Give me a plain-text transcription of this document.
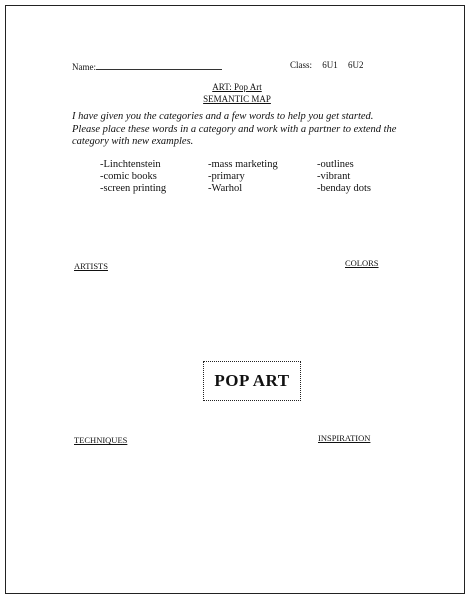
Name:	Class: 6U1 6U2
ART: Pop Art
SEMANTIC MAP
I have given you the categories and a few words to help you get started. Please place these words in a category and work with a partner to extend the category with new examples.
-Linchtenstein
-comic books
-screen printing
-mass marketing
-primary
-Warhol
-outlines
-vibrant
-benday dots
ARTISTS	COLORS
POP ART
TECHNIQUES	INSPIRATION
